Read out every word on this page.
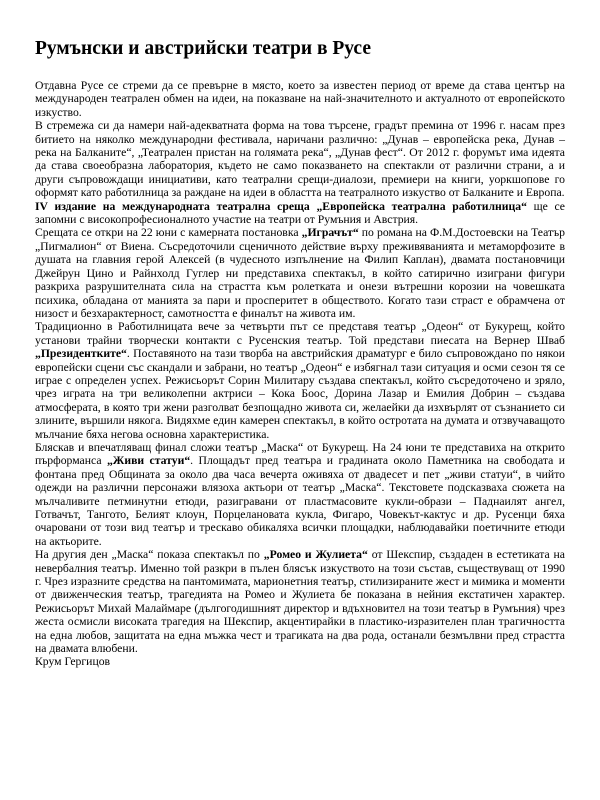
Румънски и австрийски театри в Русе

Отдавна Русе се стреми да се превърне в място, което за известен период от време да става център на международен театрален обмен на идеи, на показване на най-значителното и актуалното от европейското изкуство.

В стремежа си да намери най-адекватната форма на това търсене, градът премина от 1996 г. насам през битието на няколко международни фестивала, наричани различно: „Дунав – европейска река, Дунав – река на Балканите“, „Театрален пристан на голямата река“, „Дунав фест“. От 2012 г. форумът има идеята да става своеобразна лаборатория, където не само показването на спектакли от различни страни, а и други съпровождащи инициативи, като театрални срещи-диалози, премиери на книги, уоркшопове го оформят като работилница за раждане на идеи в областта на театралното изкуство от Балканите и Европа.

IV издание на международната театрална среща „Европейска театрална работилница“ ще се запомни с високопрофесионалното участие на театри от Румъния и Австрия.

Срещата се откри на 22 юни с камерната постановка „Играчът“ по романа на Ф.М.Достоевски на Театър „Пигмалион“ от Виена. Съсредоточили сценичното действие върху преживяванията и метаморфозите в душата на главния герой Алексей (в чудесното изпълнение на Филип Каплан), двамата постановчици Джейрун Цино и Райнхолд Гуглер ни представиха спектакъл, в който сатирично изиграни фигури разкриха разрушителната сила на страстта към ролетката и онези вътрешни корозии на човешката психика, обладана от манията за пари и просперитет в обществото. Когато тази страст е обрамчена от низост и безхарактерност, самотността е финалът на живота им.

Традиционно в Работилницата вече за четвърти път се представя театър „Одеон“ от Букурещ, който установи трайни творчески контакти с Русенския театър. Той представи пиесата на Вернер Шваб „Президентките“. Поставяното на тази творба на австрийския драматург е било съпровождано по някои европейски сцени със скандали и забрани, но театър „Одеон“ е избягнал тази ситуация и осми сезон тя се играе с определен успех. Режисьорът Сорин Милитару създава спектакъл, който съсредоточено и зряло, чрез играта на три великолепни актриси – Кока Боос, Дорина Лазар и Емилия Добрин – създава атмосферата, в която три жени разголват безпощадно живота си, желаейки да изхвърлят от съзнанието си злините, вършили някога. Видяхме един камерен спектакъл, в който остротата на думата и отзвучаващото мълчание бяха негова основна характеристика.

Бляскав и впечатляващ финал сложи театър „Маска“ от Букурещ. На 24 юни те представиха на открито пърформанса „Живи статуи“. Площадът пред театъра и градината около Паметника на свободата и фонтана пред Общината за около два часа вечерта оживяха от двадесет и пет „живи статуи“, в чийто одежди на различни персонажи влязоха актьори от театър „Маска“. Текстовете подсказваха сюжета на мълчаливите петминутни етюди, разигравани от пластмасовите кукли-образи – Паднаилят ангел, Готвачът, Тангото, Белият клоун, Порцелановата кукла, Фигаро, Човекът-кактус и др. Русенци бяха очаровани от този вид театър и трескаво обикаляха всички площадки, наблюдавайки поетичните етюди на актьорите.

На другия ден „Маска“ показа спектакъл по „Ромео и Жулиета“ от Шекспир, създаден в естетиката на невербалния театър. Именно той разкри в пълен блясък изкуството на този състав, съществуващ от 1990 г. Чрез изразните средства на пантомимата, марионетния театър, стилизираните жест и мимика и моменти от движенческия театър, трагедията на Ромео и Жулиета бе показана в нейния екстатичен характер. Режисьорът Михай Малаймаре (дългогодишният директор и вдъхновител на този театър в Румъния) чрез жеста осмисли високата трагедия на Шекспир, акцентирайки в пластико-изразителен план трагичността на една любов, защитата на една мъжка чест и трагиката на два рода, останали безмълвни пред страстта на двамата влюбени.

Крум Гергицов
